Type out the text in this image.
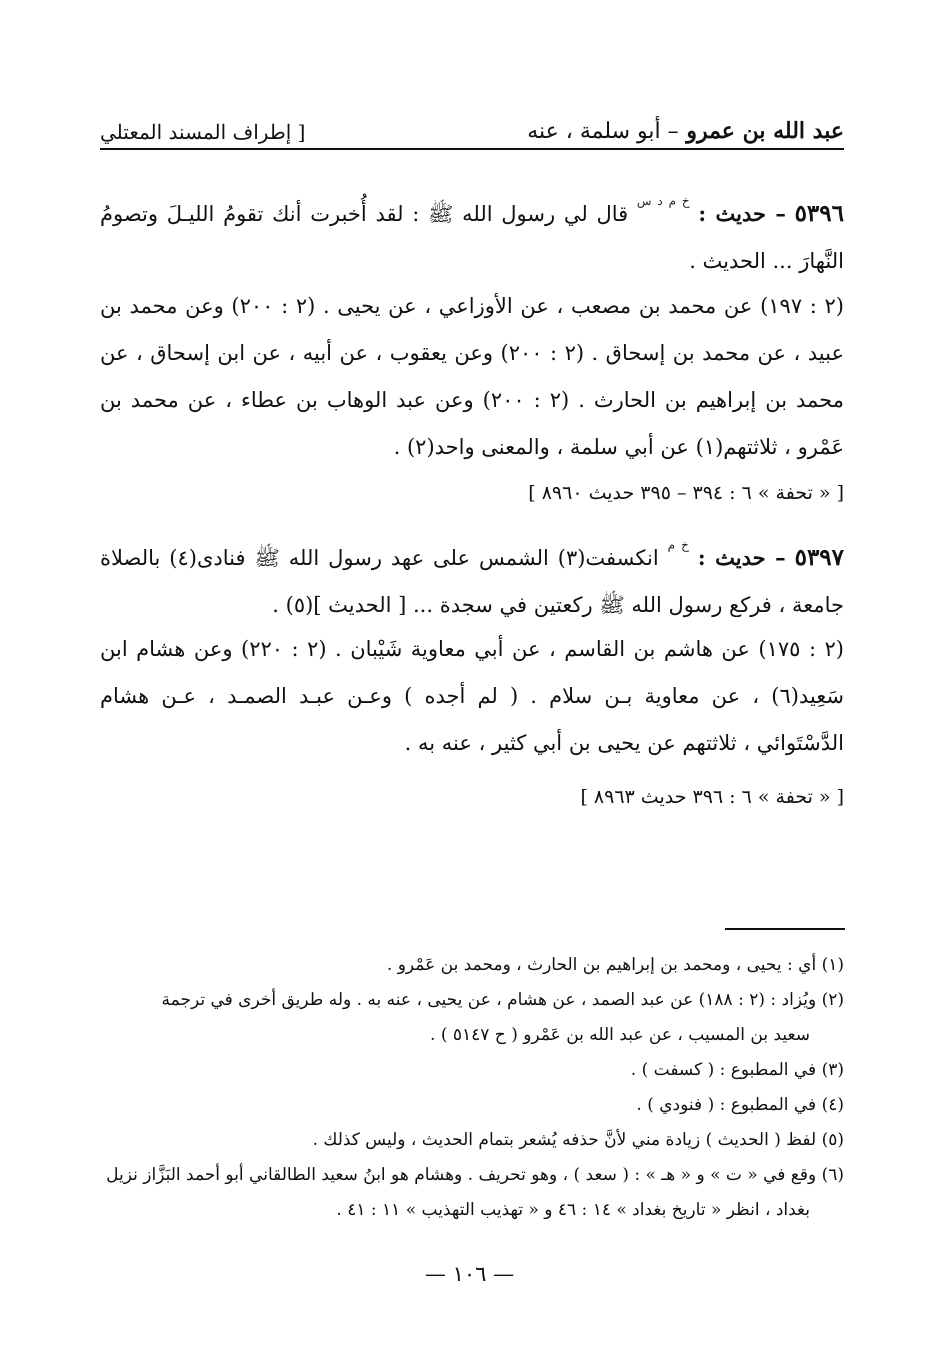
عبد الله بن عمرو – أبو سلمة ، عنه
[ إطراف المسند المعتلي

٥٣٩٦ – حديث : $^{خ م د س}$ قال لي رسول الله ﷺ : لقد أُخبرت أنك تقومُ الليـلَ وتصومُ النَّهارَ ... الحديث .

(٢ : ١٩٧) عن محمد بن مصعب ، عن الأوزاعي ، عن يحيى . (٢ : ٢٠٠) وعن محمد بن عبيد ، عن محمد بن إسحاق . (٢ : ٢٠٠) وعن يعقوب ، عن أبيه ، عن ابن إسحاق ، عن محمد بن إبراهيم بن الحارث . (٢ : ٢٠٠) وعن عبد الوهاب بن عطاء ، عن محمد بن عَمْرو ، ثلاثتهم(١) عن أبي سلمة ، والمعنى واحد(٢) .

[ « تحفة » ٦ : ٣٩٤ – ٣٩٥ حديث ٨٩٦٠ ]

٥٣٩٧ – حديث : $^{خ م}$ انكسفت(٣) الشمس على عهد رسول الله ﷺ فنادى(٤) بالصلاة جامعة ، فركع رسول الله ﷺ ركعتين في سجدة ... [ الحديث ](٥) .

(٢ : ١٧٥) عن هاشم بن القاسم ، عن أبي معاوية شَيْبان . (٢ : ٢٢٠) وعن هشام ابن سَعِيد(٦) ، عن معاوية بـن سلام . ( لم أجده ) وعـن عبـد الصمـد ، عـن هشام الدَّسْتَوائي ، ثلاثتهم عن يحيى بن أبي كثير ، عنه به .

[ « تحفة » ٦ : ٣٩٦ حديث ٨٩٦٣ ]

(١) أي : يحيى ، ومحمد بن إبراهيم بن الحارث ، ومحمد بن عَمْرو .

(٢) ويُزاد : (٢ : ١٨٨) عن عبد الصمد ، عن هشام ، عن يحيى ، عنه به . وله طريق أخرى في ترجمة

سعيد بن المسيب ، عن عبد الله بن عَمْرو ( ح ٥١٤٧ ) .

(٣) في المطبوع : ( كسفت ) .

(٤) في المطبوع : ( فنودي ) .

(٥) لفظ ( الحديث ) زيادة مني لأنَّ حذفه يُشعر بتمام الحديث ، وليس كذلك .

(٦) وقع في « ت » و « هـ » : ( سعد ) ، وهو تحريف . وهشام هو ابنُ سعيد الطالقاني أبو أحمد البَزَّاز نزيل

بغداد ، انظر « تاريخ بغداد » ١٤ : ٤٦ و « تهذيب التهذيب » ١١ : ٤١ .

— ١٠٦ —
